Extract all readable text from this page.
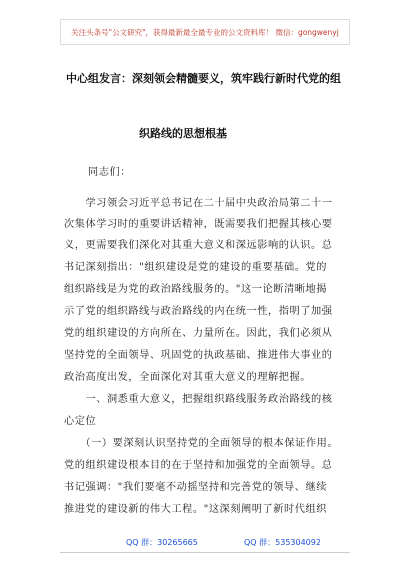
关注头条号"公文研究"，获得最新最全最专业的公文资料库！ 微信：gongwenyj
中心组发言：深刻领会精髓要义，筑牢践行新时代党的组
织路线的思想根基
同志们：
　　学习领会习近平总书记在二十届中央政治局第二十一
次集体学习时的重要讲话精神，既需要我们把握其核心要
义，更需要我们深化对其重大意义和深远影响的认识。总
书记深刻指出："组织建设是党的建设的重要基础。党的
组织路线是为党的政治路线服务的。"这一论断清晰地揭
示了党的组织路线与政治路线的内在统一性，指明了加强
党的组织建设的方向所在、力量所在。因此，我们必须从
坚持党的全面领导、巩固党的执政基础、推进伟大事业的
政治高度出发，全面深化对其重大意义的理解把握。
　　一、洞悉重大意义，把握组织路线服务政治路线的核
心定位
　　（一）要深刻认识坚持党的全面领导的根本保证作用。
党的组织建设根本目的在于坚持和加强党的全面领导。总
书记强调："我们要毫不动摇坚持和完善党的领导、继续
推进党的建设新的伟大工程。"这深刻阐明了新时代组织
QQ 群：30265665	QQ 群：535304092
